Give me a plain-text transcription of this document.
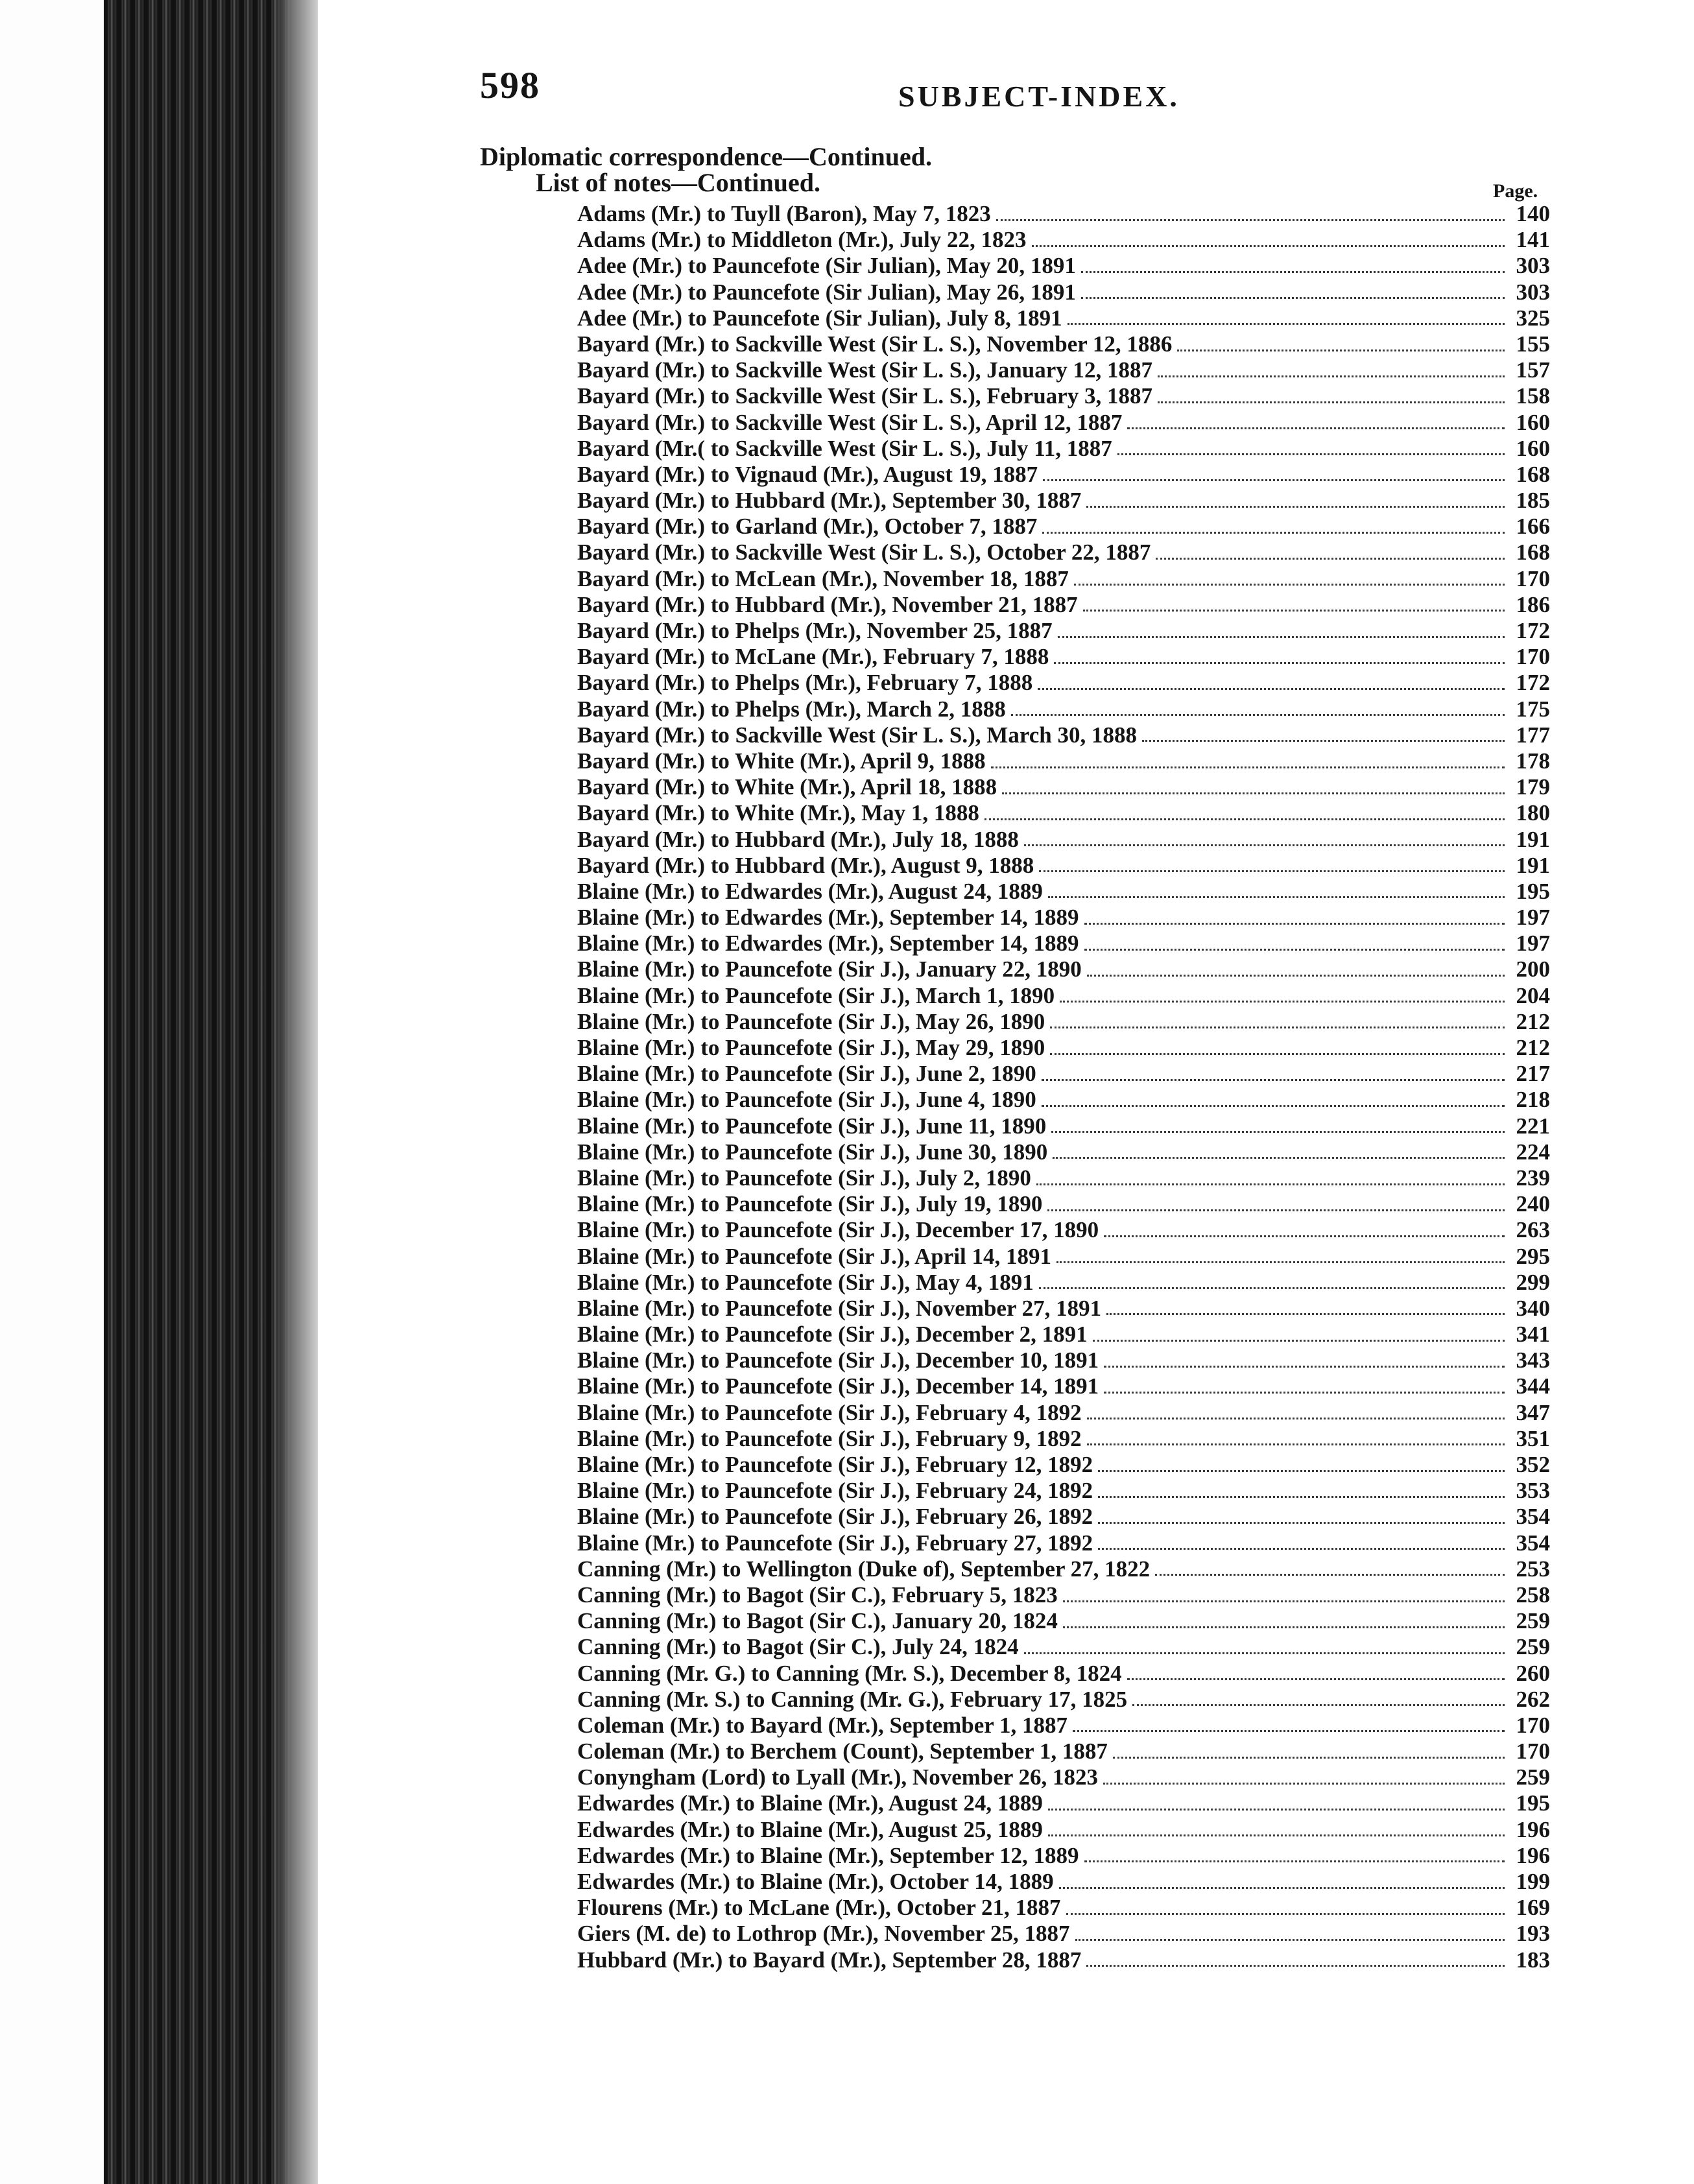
598	SUBJECT-INDEX.
Diplomatic correspondence—Continued.
List of notes—Continued.	Page.
Adams (Mr.) to Tuyll (Baron), May 7, 1823	140
Adams (Mr.) to Middleton (Mr.), July 22, 1823	141
Adee (Mr.) to Pauncefote (Sir Julian), May 20, 1891	303
Adee (Mr.) to Pauncefote (Sir Julian), May 26, 1891	303
Adee (Mr.) to Pauncefote (Sir Julian), July 8, 1891	325
Bayard (Mr.) to Sackville West (Sir L. S.), November 12, 1886	155
Bayard (Mr.) to Sackville West (Sir L. S.), January 12, 1887	157
Bayard (Mr.) to Sackville West (Sir L. S.), February 3, 1887	158
Bayard (Mr.) to Sackville West (Sir L. S.), April 12, 1887	160
Bayard (Mr.( to Sackville West (Sir L. S.), July 11, 1887	160
Bayard (Mr.) to Vignaud (Mr.), August 19, 1887	168
Bayard (Mr.) to Hubbard (Mr.), September 30, 1887	185
Bayard (Mr.) to Garland (Mr.), October 7, 1887	166
Bayard (Mr.) to Sackville West (Sir L. S.), October 22, 1887	168
Bayard (Mr.) to McLean (Mr.), November 18, 1887	170
Bayard (Mr.) to Hubbard (Mr.), November 21, 1887	186
Bayard (Mr.) to Phelps (Mr.), November 25, 1887	172
Bayard (Mr.) to McLane (Mr.), February 7, 1888	170
Bayard (Mr.) to Phelps (Mr.), February 7, 1888	172
Bayard (Mr.) to Phelps (Mr.), March 2, 1888	175
Bayard (Mr.) to Sackville West (Sir L. S.), March 30, 1888	177
Bayard (Mr.) to White (Mr.), April 9, 1888	178
Bayard (Mr.) to White (Mr.), April 18, 1888	179
Bayard (Mr.) to White (Mr.), May 1, 1888	180
Bayard (Mr.) to Hubbard (Mr.), July 18, 1888	191
Bayard (Mr.) to Hubbard (Mr.), August 9, 1888	191
Blaine (Mr.) to Edwardes (Mr.), August 24, 1889	195
Blaine (Mr.) to Edwardes (Mr.), September 14, 1889	197
Blaine (Mr.) to Edwardes (Mr.), September 14, 1889	197
Blaine (Mr.) to Pauncefote (Sir J.), January 22, 1890	200
Blaine (Mr.) to Pauncefote (Sir J.), March 1, 1890	204
Blaine (Mr.) to Pauncefote (Sir J.), May 26, 1890	212
Blaine (Mr.) to Pauncefote (Sir J.), May 29, 1890	212
Blaine (Mr.) to Pauncefote (Sir J.), June 2, 1890	217
Blaine (Mr.) to Pauncefote (Sir J.), June 4, 1890	218
Blaine (Mr.) to Pauncefote (Sir J.), June 11, 1890	221
Blaine (Mr.) to Pauncefote (Sir J.), June 30, 1890	224
Blaine (Mr.) to Pauncefote (Sir J.), July 2, 1890	239
Blaine (Mr.) to Pauncefote (Sir J.), July 19, 1890	240
Blaine (Mr.) to Pauncefote (Sir J.), December 17, 1890	263
Blaine (Mr.) to Pauncefote (Sir J.), April 14, 1891	295
Blaine (Mr.) to Pauncefote (Sir J.), May 4, 1891	299
Blaine (Mr.) to Pauncefote (Sir J.), November 27, 1891	340
Blaine (Mr.) to Pauncefote (Sir J.), December 2, 1891	341
Blaine (Mr.) to Pauncefote (Sir J.), December 10, 1891	343
Blaine (Mr.) to Pauncefote (Sir J.), December 14, 1891	344
Blaine (Mr.) to Pauncefote (Sir J.), February 4, 1892	347
Blaine (Mr.) to Pauncefote (Sir J.), February 9, 1892	351
Blaine (Mr.) to Pauncefote (Sir J.), February 12, 1892	352
Blaine (Mr.) to Pauncefote (Sir J.), February 24, 1892	353
Blaine (Mr.) to Pauncefote (Sir J.), February 26, 1892	354
Blaine (Mr.) to Pauncefote (Sir J.), February 27, 1892	354
Canning (Mr.) to Wellington (Duke of), September 27, 1822	253
Canning (Mr.) to Bagot (Sir C.), February 5, 1823	258
Canning (Mr.) to Bagot (Sir C.), January 20, 1824	259
Canning (Mr.) to Bagot (Sir C.), July 24, 1824	259
Canning (Mr. G.) to Canning (Mr. S.), December 8, 1824	260
Canning (Mr. S.) to Canning (Mr. G.), February 17, 1825	262
Coleman (Mr.) to Bayard (Mr.), September 1, 1887	170
Coleman (Mr.) to Berchem (Count), September 1, 1887	170
Conyngham (Lord) to Lyall (Mr.), November 26, 1823	259
Edwardes (Mr.) to Blaine (Mr.), August 24, 1889	195
Edwardes (Mr.) to Blaine (Mr.), August 25, 1889	196
Edwardes (Mr.) to Blaine (Mr.), September 12, 1889	196
Edwardes (Mr.) to Blaine (Mr.), October 14, 1889	199
Flourens (Mr.) to McLane (Mr.), October 21, 1887	169
Giers (M. de) to Lothrop (Mr.), November 25, 1887	193
Hubbard (Mr.) to Bayard (Mr.), September 28, 1887	183
